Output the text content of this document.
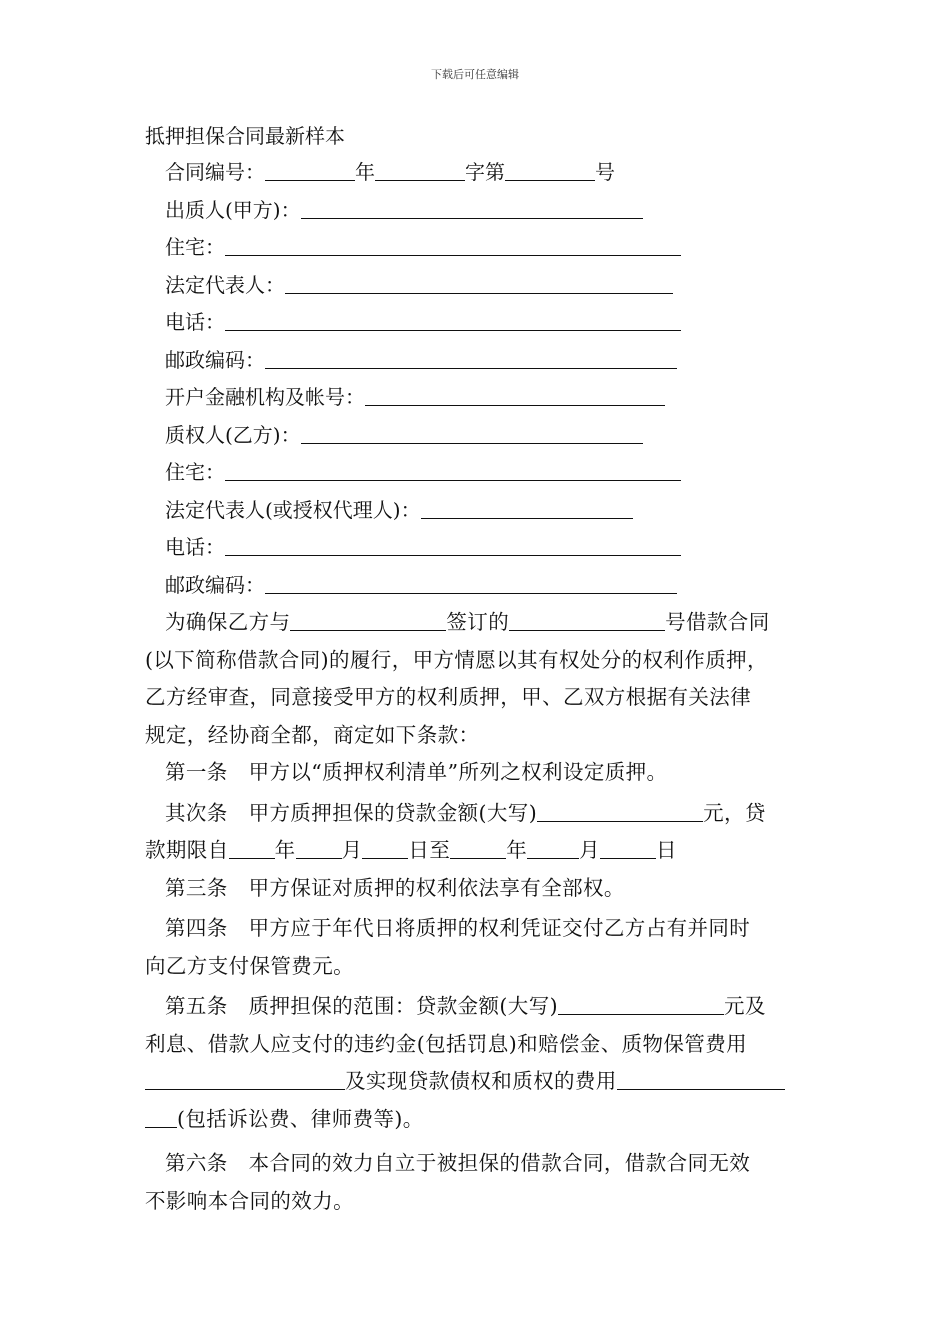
下载后可任意编辑
抵押担保合同最新样本
合同编号：	年	字第	号
出质人(甲方)：
住宅：
法定代表人：
电话：
邮政编码：
开户金融机构及帐号：
质权人(乙方)：
住宅：
法定代表人(或授权代理人)：
电话：
邮政编码：
为确保乙方与	签订的	号借款合同
(以下简称借款合同)的履行，甲方情愿以其有权处分的权利作质押，
乙方经审查，同意接受甲方的权利质押，甲、乙双方根据有关法律
规定，经协商全都，商定如下条款：
第一条　甲方以“质押权利清单”所列之权利设定质押。
其次条　甲方质押担保的贷款金额(大写)	元，贷
款期限自 年 月 日至	年	月	日
第三条　甲方保证对质押的权利依法享有全部权。
第四条　甲方应于年代日将质押的权利凭证交付乙方占有并同时
向乙方支付保管费元。
第五条　质押担保的范围：贷款金额(大写)	元及
利息、借款人应支付的违约金(包括罚息)和赔偿金、质物保管费用
及实现贷款债权和质权的费用
(包括诉讼费、律师费等)。
第六条　本合同的效力自立于被担保的借款合同，借款合同无效
不影响本合同的效力。
